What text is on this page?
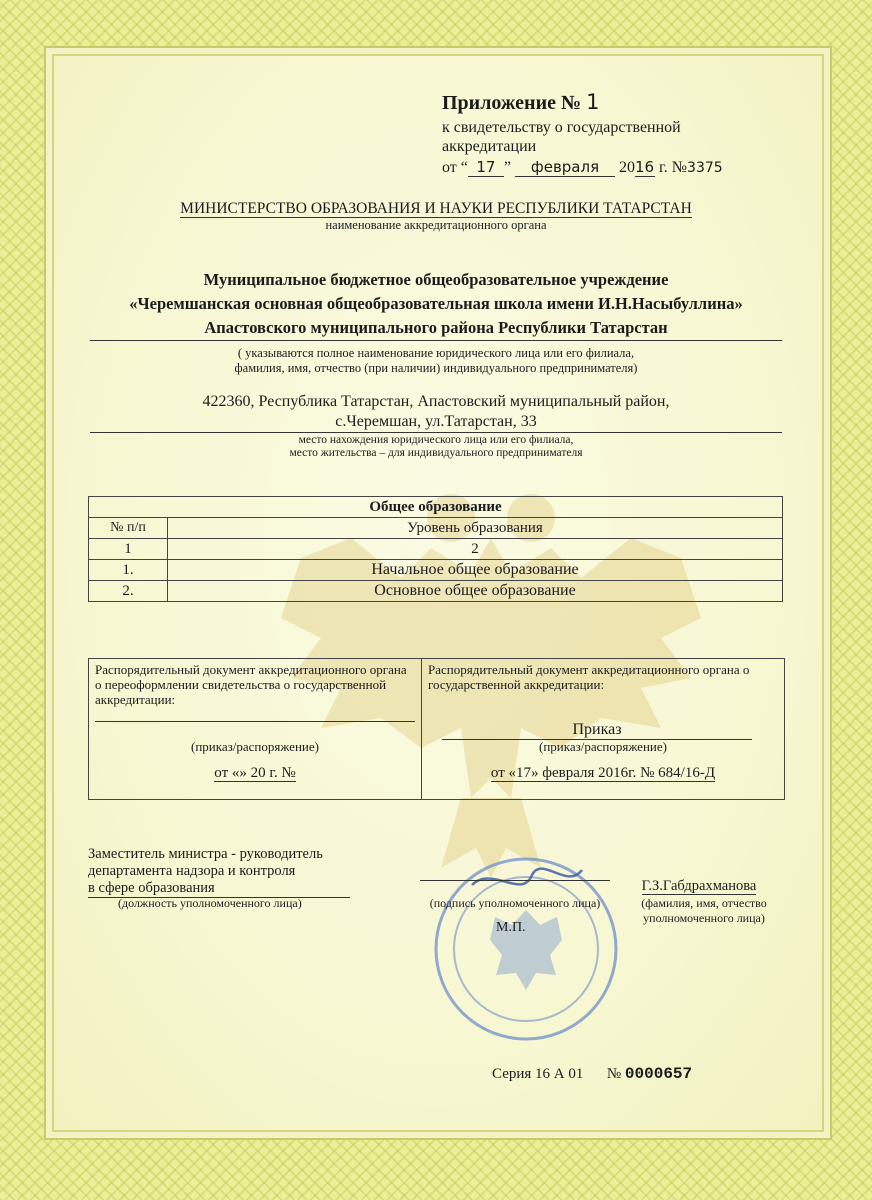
Приложение № 1
к свидетельству о государственной
аккредитации
от “ 17 ” февраля 2016 г. №3375
МИНИСТЕРСТВО ОБРАЗОВАНИЯ И НАУКИ РЕСПУБЛИКИ ТАТАРСТАН
наименование аккредитационного органа
Муниципальное бюджетное общеобразовательное учреждение
«Черемшанская основная общеобразовательная школа имени И.Н.Насыбуллина»
Апастовского муниципального района Республики Татарстан
( указываются полное наименование юридического лица или его филиала,
фамилия, имя, отчество (при наличии) индивидуального предпринимателя)
422360, Республика Татарстан, Апастовский муниципальный район,
с.Черемшан, ул.Татарстан, 33
место нахождения юридического лица или его филиала,
место жительства – для индивидуального предпринимателя
Общее образование	
№ п/п	Уровень образования
1	2
1.	Начальное общее образование
2.	Основное общее образование
Распорядительный документ аккредитационного органа о переоформлении свидетельства о государственной аккредитации:
(приказ/распоряжение)
от «» 20 г. №
Распорядительный документ аккредитационного органа о государственной аккредитации:
Приказ
(приказ/распоряжение)
от «17» февраля 2016г. № 684/16-Д
Заместитель министра - руководитель
департамента надзора и контроля
в сфере образования
(должность уполномоченного лица)	(подпись уполномоченного лица)
М.П.
Г.З.Габдрахманова
(фамилия, имя, отчество
уполномоченного лица)
Серия 16 А 01 № 0000657
